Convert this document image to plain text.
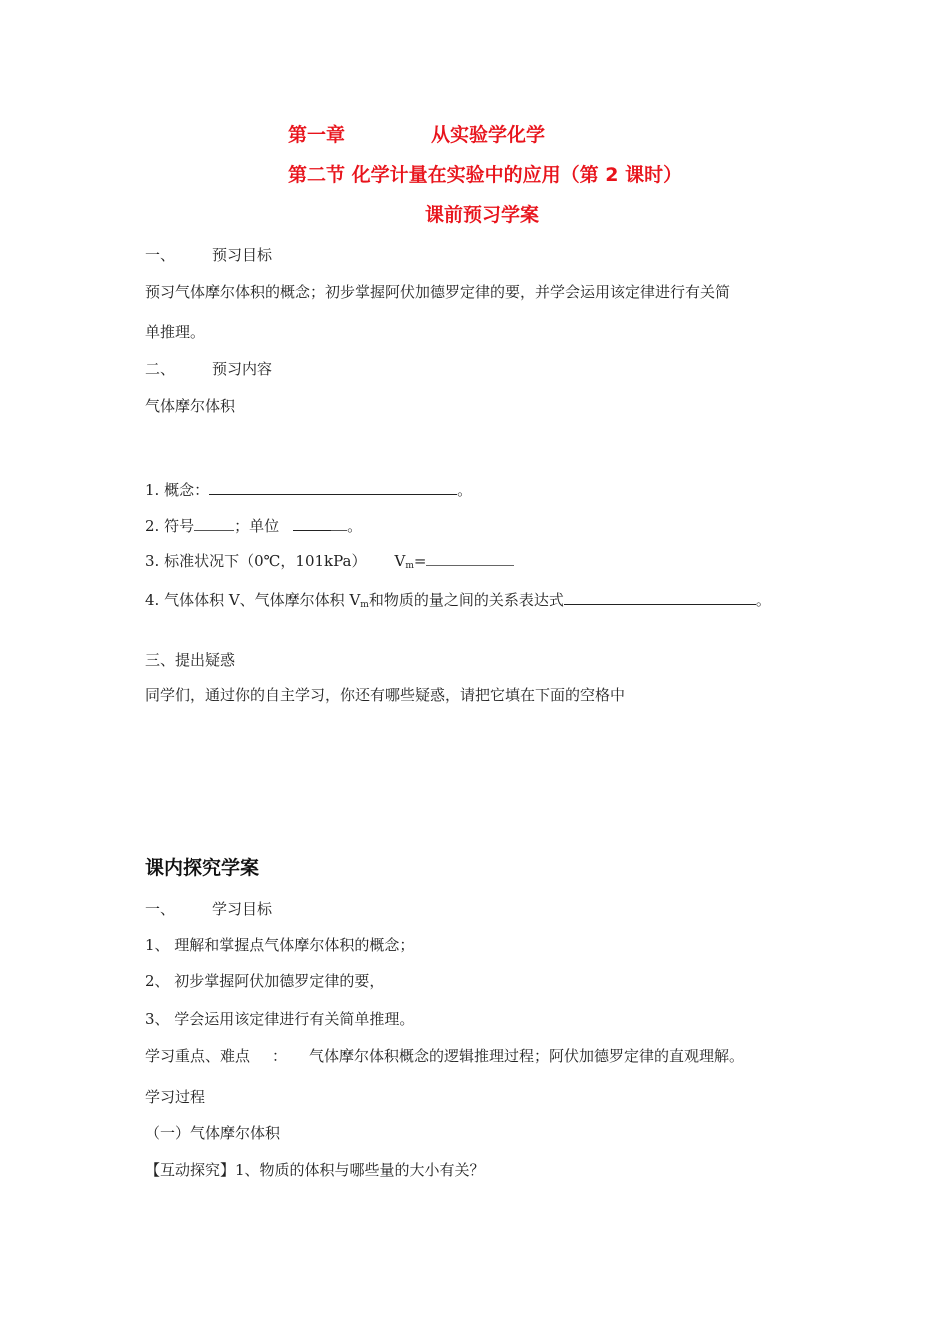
第一章	从实验学化学
第二节 化学计量在实验中的应用（第 2 课时）
课前预习学案
一、 预习目标
预习气体摩尔体积的概念；初步掌握阿伏加德罗定律的要，并学会运用该定律进行有关简
单推理。
二、 预习内容
气体摩尔体积
1. 概念：	。
2. 符号	；单位	。
3. 标准状况下（0℃，101kPa） $V_m=$
4. 气体体积 V、气体摩尔体积 $V_m$和物质的量之间的关系表达式	。
三、提出疑惑
同学们，通过你的自主学习，你还有哪些疑惑，请把它填在下面的空格中
课内探究学案
一、 学习目标
1、 理解和掌握点气体摩尔体积的概念；
2、 初步掌握阿伏加德罗定律的要，
3、 学会运用该定律进行有关简单推理。
学习重点、难点 ： 气体摩尔体积概念的逻辑推理过程；阿伏加德罗定律的直观理解。
学习过程
（一）气体摩尔体积
【互动探究】1、物质的体积与哪些量的大小有关？
